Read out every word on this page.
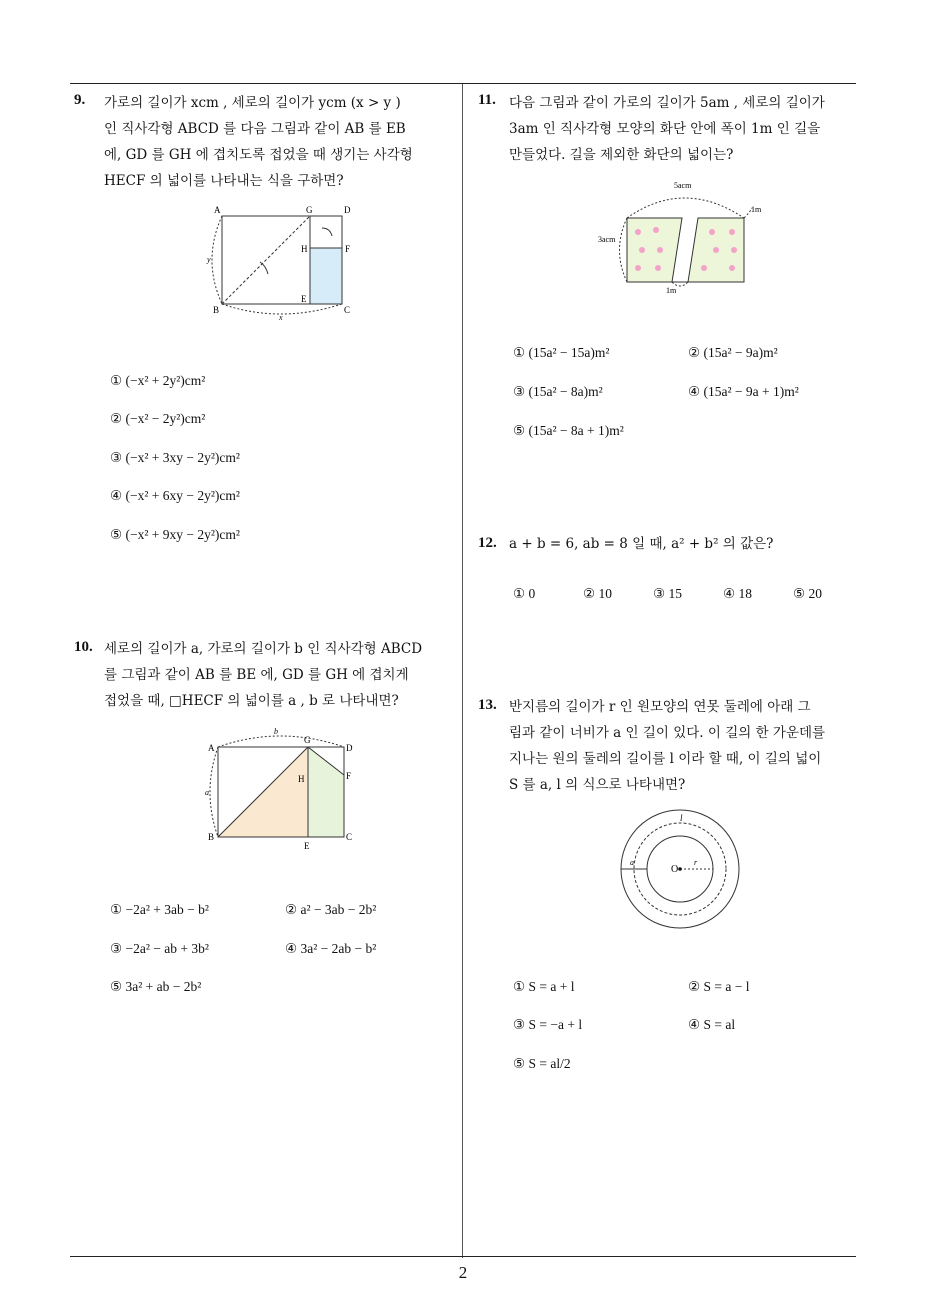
2
9. 가로의 길이가 xcm , 세로의 길이가 ycm (x > y )
인 직사각형 ABCD 를 다음 그림과 같이 AB 를 EB
에, GD 를 GH 에 겹치도록 접었을 때 생기는 사각형
HECF 의 넓이를 나타내는 식을 구하면?
A	G	D
H	F
B
E
C
x
y
① (−x² + 2y²)cm²
② (−x² − 2y²)cm²
③ (−x² + 3xy − 2y²)cm²
④ (−x² + 6xy − 2y²)cm²
⑤ (−x² + 9xy − 2y²)cm²
10. 세로의 길이가 a, 가로의 길이가 b 인 직사각형 ABCD
를 그림과 같이 AB 를 BE 에, GD 를 GH 에 겹치게
접었을 때, □HECF 의 넓이를 a , b 로 나타내면?
A
G
D
H	F
B
E
C
a
b
① −2a² + 3ab − b²	② a² − 3ab − 2b²
③ −2a² − ab + 3b²	④ 3a² − 2ab − b²
⑤ 3a² + ab − 2b²
11. 다음 그림과 같이 가로의 길이가 5am , 세로의 길이가
3am 인 직사각형 모양의 화단 안에 폭이 1m 인 길을
만들었다. 길을 제외한 화단의 넓이는?
5acm
3acm
1m
1m
① (15a² − 15a)m²	② (15a² − 9a)m²
③ (15a² − 8a)m²	④ (15a² − 9a + 1)m²
⑤ (15a² − 8a + 1)m²
12. a + b = 6, ab = 8 일 때, a² + b² 의 값은?
① 0	② 10	③ 15	④ 18	⑤ 20
13. 반지름의 길이가 r 인 원모양의 연못 둘레에 아래 그
림과 같이 너비가 a 인 길이 있다. 이 길의 한 가운데를
지나는 원의 둘레의 길이를 l 이라 할 때, 이 길의 넓이
S 를 a, l 의 식으로 나타내면?
l
a
O
r
① S = a + l	② S = a − l
③ S = −a + l	④ S = al
⑤ S = al/2
